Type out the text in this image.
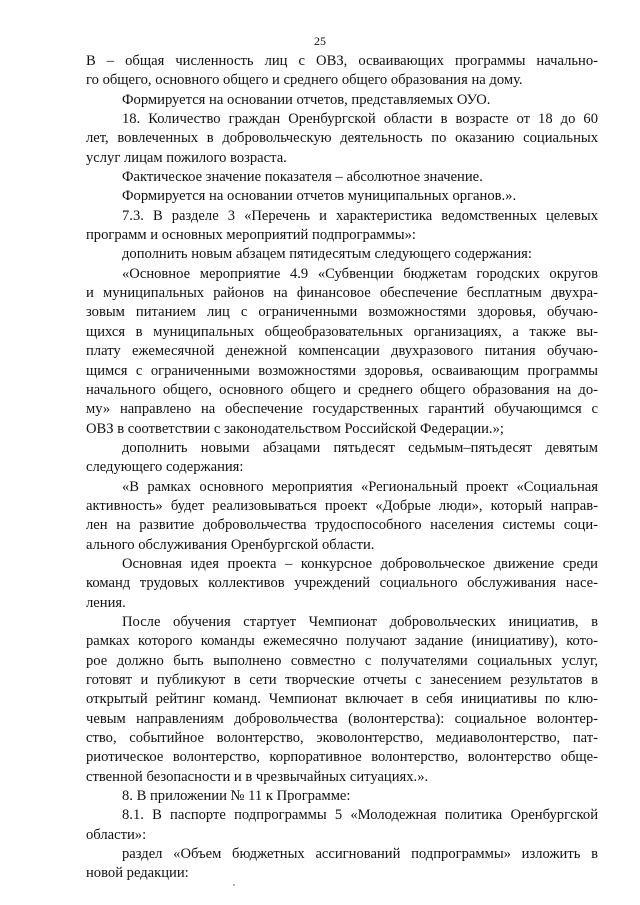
25
В – общая численность лиц с ОВЗ, осваивающих программы начально-
го общего, основного общего и среднего общего образования на дому.
Формируется на основании отчетов, представляемых ОУО.
18. Количество граждан Оренбургской области в возрасте от 18 до 60
лет, вовлеченных в добровольческую деятельность по оказанию социальных
услуг лицам пожилого возраста.
Фактическое значение показателя – абсолютное значение.
Формируется на основании отчетов муниципальных органов.».
7.3. В разделе 3 «Перечень и характеристика ведомственных целевых
программ и основных мероприятий подпрограммы»:
дополнить новым абзацем пятидесятым следующего содержания:
«Основное мероприятие 4.9 «Субвенции бюджетам городских округов
и муниципальных районов на финансовое обеспечение бесплатным двухра-
зовым питанием лиц с ограниченными возможностями здоровья, обучаю-
щихся в муниципальных общеобразовательных организациях, а также вы-
плату ежемесячной денежной компенсации двухразового питания обучаю-
щимся с ограниченными возможностями здоровья, осваивающим программы
начального общего, основного общего и среднего общего образования на до-
му» направлено на обеспечение государственных гарантий обучающимся с
ОВЗ в соответствии с законодательством Российской Федерации.»;
дополнить новыми абзацами пятьдесят седьмым–пятьдесят девятым
следующего содержания:
«В рамках основного мероприятия «Региональный проект «Социальная
активность» будет реализовываться проект «Добрые люди», который направ-
лен на развитие добровольчества трудоспособного населения системы соци-
ального обслуживания Оренбургской области.
Основная идея проекта – конкурсное добровольческое движение среди
команд трудовых коллективов учреждений социального обслуживания насе-
ления.
После обучения стартует Чемпионат добровольческих инициатив, в
рамках которого команды ежемесячно получают задание (инициативу), кото-
рое должно быть выполнено совместно с получателями социальных услуг,
готовят и публикуют в сети творческие отчеты с занесением результатов в
открытый рейтинг команд. Чемпионат включает в себя инициативы по клю-
чевым направлениям добровольчества (волонтерства): социальное волонтер-
ство, событийное волонтерство, эковолонтерство, медиаволонтерство, пат-
риотическое волонтерство, корпоративное волонтерство, волонтерство обще-
ственной безопасности и в чрезвычайных ситуациях.».
8. В приложении № 11 к Программе:
8.1. В паспорте подпрограммы 5 «Молодежная политика Оренбургской
области»:
раздел «Объем бюджетных ассигнований подпрограммы» изложить в
новой редакции:
